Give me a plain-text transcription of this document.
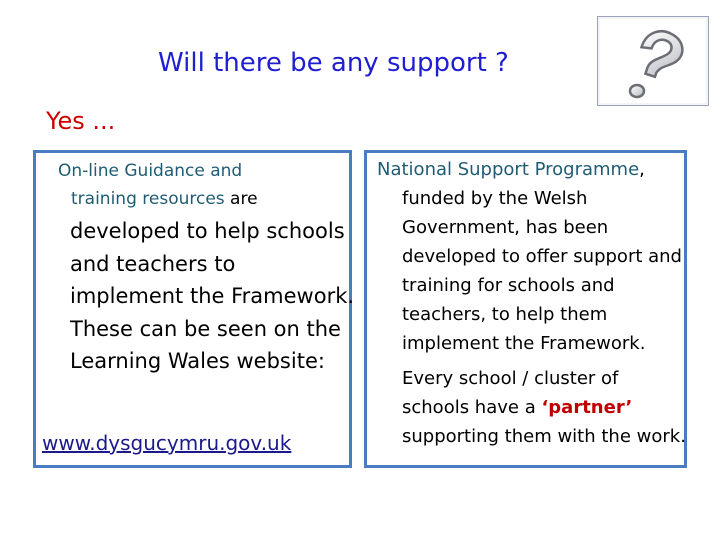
Will there be any support ?
Yes ...
On-line Guidance and
training resources are
developed to help schools and teachers to implement the Framework. These can be seen on the Learning Wales website:
www.dysgucymru.gov.uk
National Support Programme,
funded by the Welsh Government, has been developed to offer support and training for schools and teachers, to help them implement the Framework.
Every school / cluster of schools have a ‘partner’ supporting them with the work.
